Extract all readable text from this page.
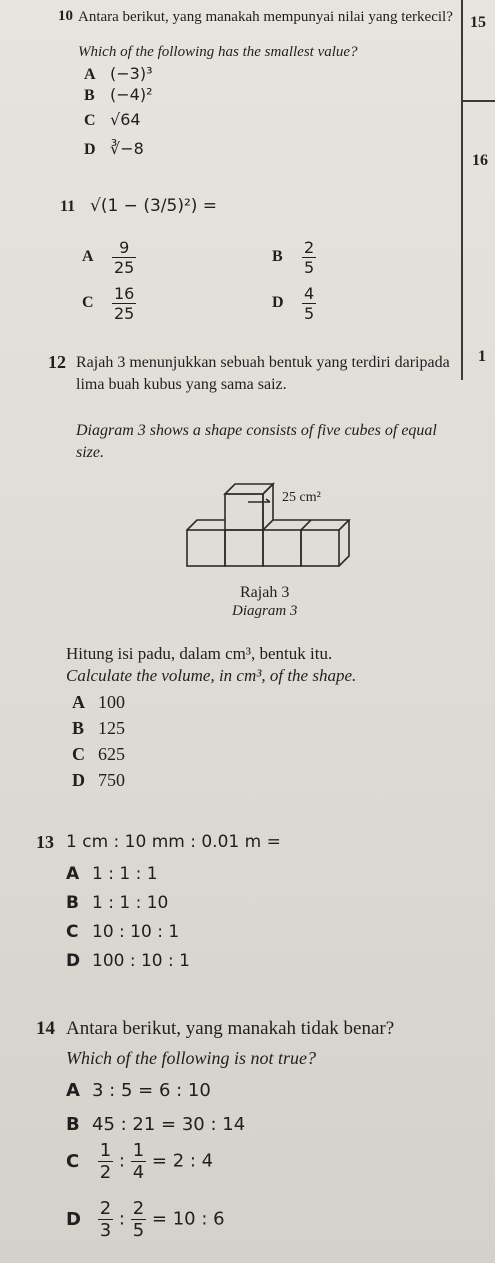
15
16
1
10 Antara berikut, yang manakah mempunyai nilai yang terkecil?
Which of the following has the smallest value?
A (−3)³
B (−4)²
C √64
D ∛−8
11 √(1 − (3/5)²) =
A $\frac{9}{25}$	B $\frac{2}{5}$
C $\frac{16}{25}$	D $\frac{4}{5}$
12 Rajah 3 menunjukkan sebuah bentuk yang terdiri daripada lima buah kubus yang sama saiz.
Diagram 3 shows a shape consists of five cubes of equal size.
25 cm²
Rajah 3
Diagram 3
Hitung isi padu, dalam cm³, bentuk itu.
Calculate the volume, in cm³, of the shape.
A 100
B 125
C 625
D 750
13 1 cm : 10 mm : 0.01 m =
A 1 : 1 : 1
B 1 : 1 : 10
C 10 : 10 : 1
D 100 : 10 : 1
14 Antara berikut, yang manakah tidak benar?
Which of the following is not true?
A 3 : 5 = 6 : 10
B 45 : 21 = 30 : 14
C $\frac{1}{2}$ : $\frac{1}{4} = 2$ : 4
D $\frac{2}{3}$ : $\frac{2}{5} = 10$ : 6
